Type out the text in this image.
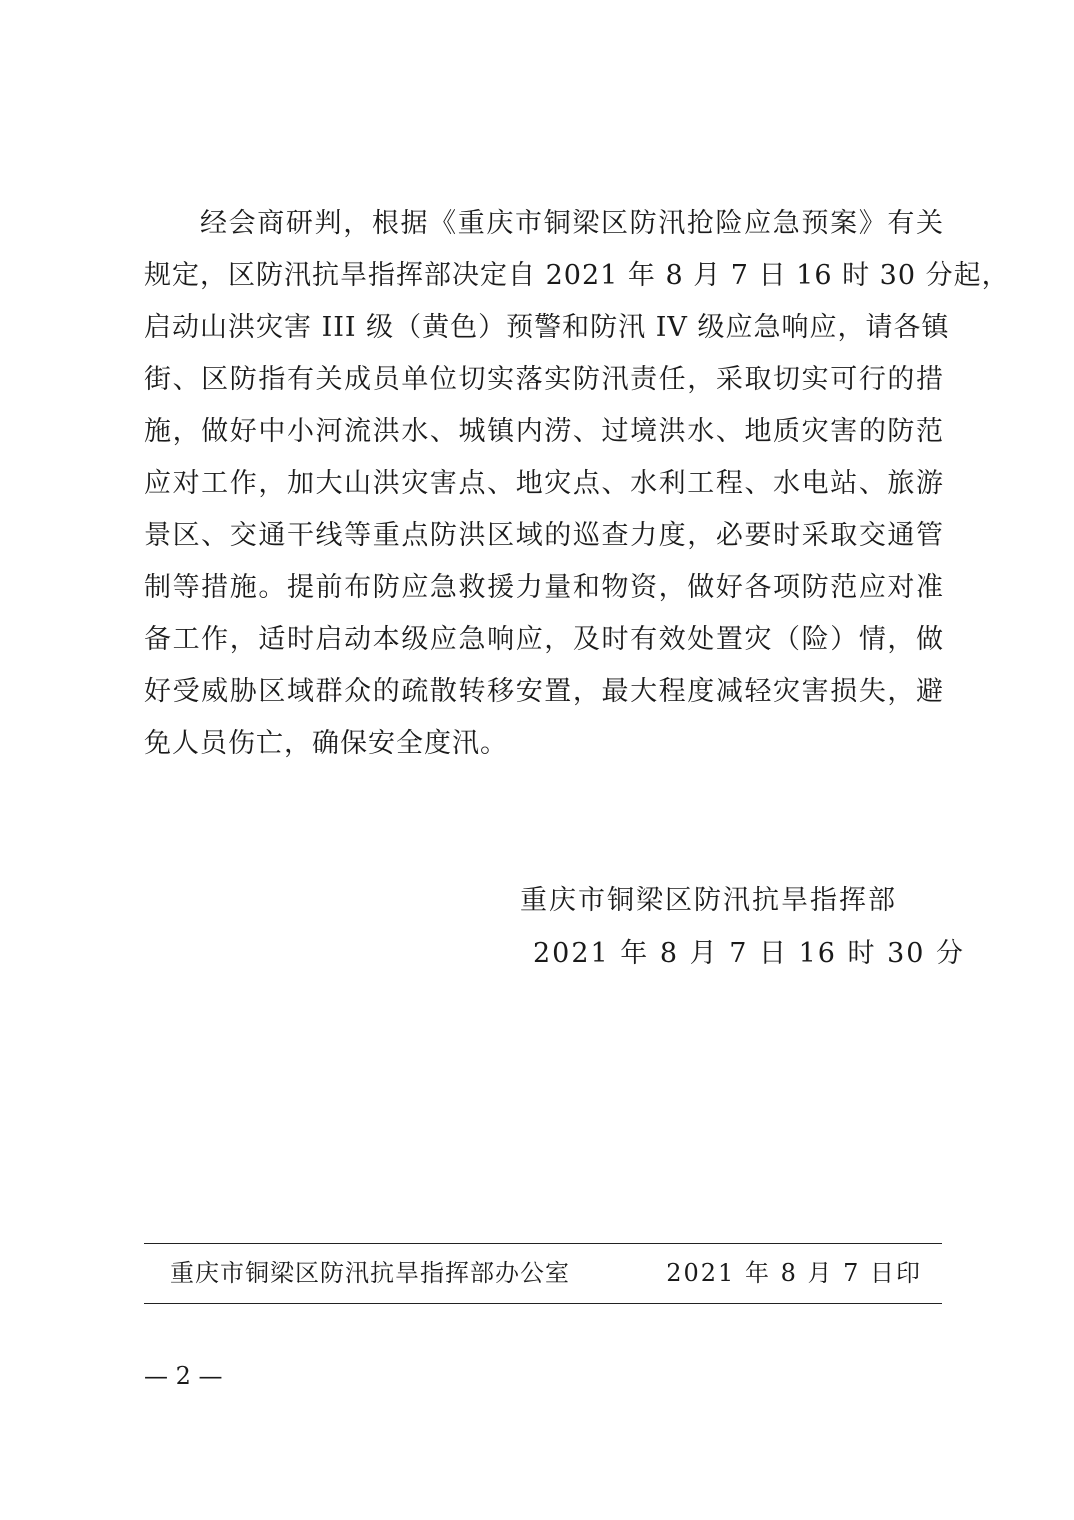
经会商研判，根据《重庆市铜梁区防汛抢险应急预案》有关
规定，区防汛抗旱指挥部决定自 2021 年 8 月 7 日 16 时 30 分起，
启动山洪灾害 III 级（黄色）预警和防汛 IV 级应急响应，请各镇
街、区防指有关成员单位切实落实防汛责任，采取切实可行的措
施，做好中小河流洪水、城镇内涝、过境洪水、地质灾害的防范
应对工作，加大山洪灾害点、地灾点、水利工程、水电站、旅游
景区、交通干线等重点防洪区域的巡查力度，必要时采取交通管
制等措施。提前布防应急救援力量和物资，做好各项防范应对准
备工作，适时启动本级应急响应，及时有效处置灾（险）情，做
好受威胁区域群众的疏散转移安置，最大程度减轻灾害损失，避
免人员伤亡，确保安全度汛。
重庆市铜梁区防汛抗旱指挥部
2021 年 8 月 7 日 16 时 30 分
重庆市铜梁区防汛抗旱指挥部办公室	2021 年 8 月 7 日印
— 2 —
